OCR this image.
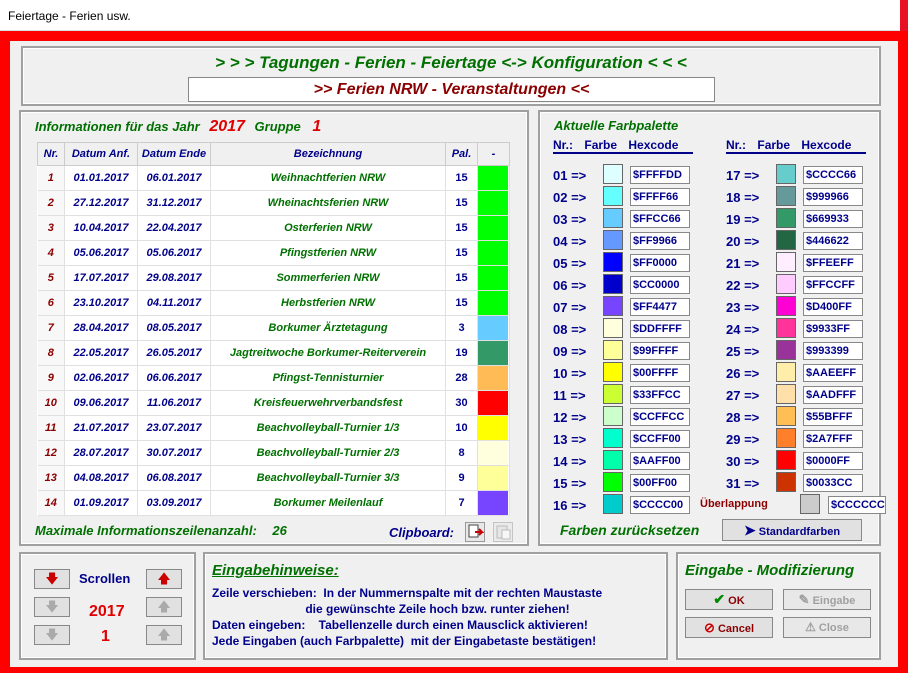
Feiertage - Ferien usw.
> > > Tagungen - Ferien - Feiertage <-> Konfiguration < < <
>> Ferien NRW - Veranstaltungen <<
Informationen für das Jahr 2017 Gruppe 1
Nr.	Datum Anf.	Datum Ende	Bezeichnung	Pal.	-
1	01.01.2017	06.01.2017	Weihnachtferien NRW	15	

2	27.12.2017	31.12.2017	Wheinachtsferien NRW	15	

3	10.04.2017	22.04.2017	Osterferien NRW	15	

4	05.06.2017	05.06.2017	Pfingstferien NRW	15	

5	17.07.2017	29.08.2017	Sommerferien NRW	15	

6	23.10.2017	04.11.2017	Herbstferien NRW	15	

7	28.04.2017	08.05.2017	Borkumer Ärztetagung	3	

8	22.05.2017	26.05.2017	Jagtreitwoche Borkumer-Reiterverein	19	

9	02.06.2017	06.06.2017	Pfingst-Tennisturnier	28	

10	09.06.2017	11.06.2017	Kreisfeuerwehrverbandsfest	30	

11	21.07.2017	23.07.2017	Beachvolleyball-Turnier 1/3	10	

12	28.07.2017	30.07.2017	Beachvolleyball-Turnier 2/3	8	

13	04.08.2017	06.08.2017	Beachvolleyball-Turnier 3/3	9	

14	01.09.2017	03.09.2017	Borkumer Meilenlauf	7	
Maximale Informationszeilenanzahl: 26	Clipboard:
Aktuelle Farbpalette
Nr.: Farbe Hexcode	Nr.: Farbe Hexcode
01 =>	$FFFFDD
02 =>	$FFFF66
03 =>	$FFCC66
04 =>	$FF9966
05 =>	$FF0000
06 =>	$CC0000
07 =>	$FF4477
08 =>	$DDFFFF
09 =>	$99FFFF
10 =>	$00FFFF
11 =>	$33FFCC
12 =>	$CCFFCC
13 =>	$CCFF00
14 =>	$AAFF00
15 =>	$00FF00
16 =>	$CCCC00
17 =>	$CCCC66
18 =>	$999966
19 =>	$669933
20 =>	$446622
21 =>	$FFEEFF
22 =>	$FFCCFF
23 =>	$D400FF
24 =>	$9933FF
25 =>	$993399
26 =>	$AAEEFF
27 =>	$AADFFF
28 =>	$55BFFF
29 =>	$2A7FFF
30 =>	$0000FF
31 =>	$0033CC
Überlappung	$CCCCCC
Farben zurücksetzen	➤ Standardfarben
🡇	Scrollen	🡅
🡇	2017	🡅
🡇	1	🡅
Eingabehinweise:
Zeile verschieben:  In der Nummernspalte mit der rechten Maustaste
die gewünschte Zeile hoch bzw. runter ziehen!
Daten eingeben:    Tabellenzelle durch einen Mausclick aktivieren!
Jede Eingaben (auch Farbpalette)  mit der Eingabetaste bestätigen!
Eingabe - Modifizierung
✔ OK	✎ Eingabe
⊘ Cancel	⚠ Close
